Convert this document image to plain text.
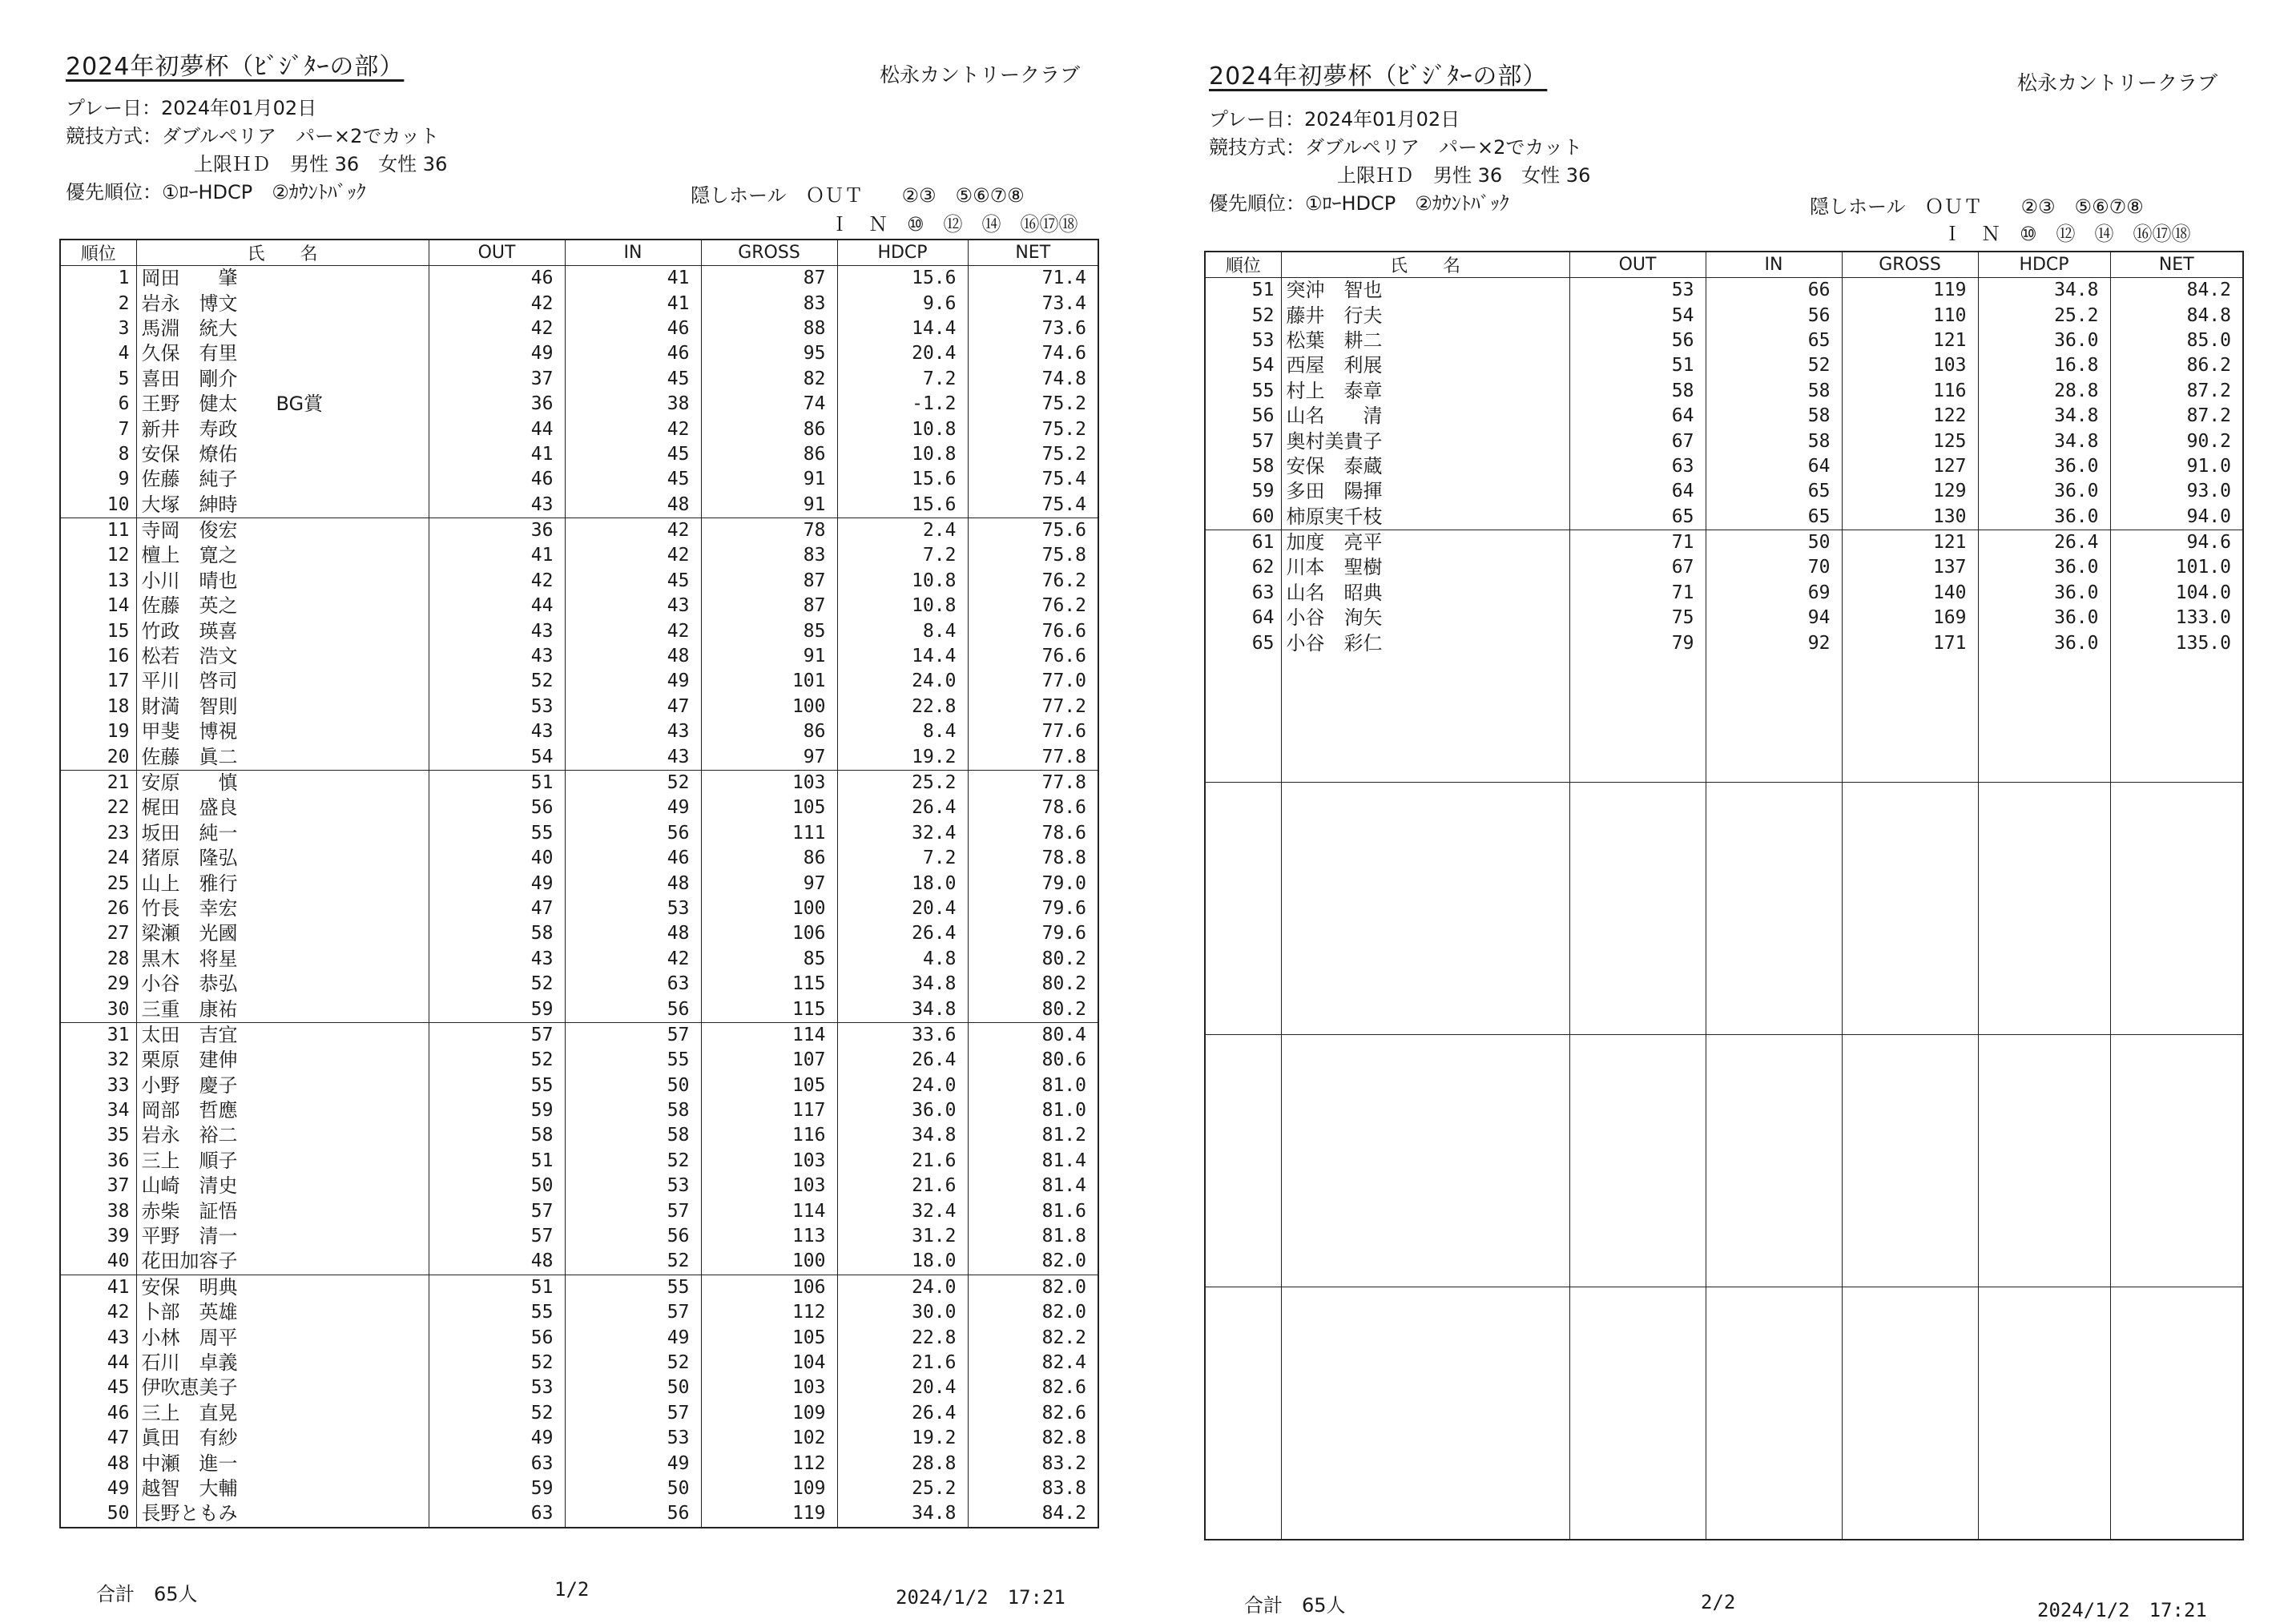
2024年初夢杯（ﾋﾞｼﾞﾀｰの部）	松永カントリークラブ
プレー日：2024年01月02日
競技方式：ダブルペリア　パー×2でカット
上限ＨＤ　男性 36　女性 36
優先順位：①ﾛｰHDCP　②ｶｳﾝﾄﾊﾞｯｸ	隠しホール　ＯＵＴ　　②③　⑤⑥⑦⑧
Ｉ　Ｎ　⑩　⑫　⑭　⑯⑰⑱
順位	氏　　名	OUT	IN	GROSS	HDCP	NET
1	岡田　　肇	46	41	87	15.6	71.4
2	岩永　博文	42	41	83	9.6	73.4
3	馬淵　統大	42	46	88	14.4	73.6
4	久保　有里	49	46	95	20.4	74.6
5	喜田　剛介	37	45	82	7.2	74.8
6	王野　健太　　BG賞	36	38	74	-1.2	75.2
7	新井　寿政	44	42	86	10.8	75.2
8	安保　燎佑	41	45	86	10.8	75.2
9	佐藤　純子	46	45	91	15.6	75.4
10	大塚　紳時	43	48	91	15.6	75.4
11	寺岡　俊宏	36	42	78	2.4	75.6
12	檀上　寛之	41	42	83	7.2	75.8
13	小川　晴也	42	45	87	10.8	76.2
14	佐藤　英之	44	43	87	10.8	76.2
15	竹政　瑛喜	43	42	85	8.4	76.6
16	松若　浩文	43	48	91	14.4	76.6
17	平川　啓司	52	49	101	24.0	77.0
18	財満　智則	53	47	100	22.8	77.2
19	甲斐　博視	43	43	86	8.4	77.6
20	佐藤　眞二	54	43	97	19.2	77.8
21	安原　　慎	51	52	103	25.2	77.8
22	梶田　盛良	56	49	105	26.4	78.6
23	坂田　純一	55	56	111	32.4	78.6
24	猪原　隆弘	40	46	86	7.2	78.8
25	山上　雅行	49	48	97	18.0	79.0
26	竹長　幸宏	47	53	100	20.4	79.6
27	梁瀬　光國	58	48	106	26.4	79.6
28	黒木　将星	43	42	85	4.8	80.2
29	小谷　恭弘	52	63	115	34.8	80.2
30	三重　康祐	59	56	115	34.8	80.2
31	太田　吉宜	57	57	114	33.6	80.4
32	栗原　建伸	52	55	107	26.4	80.6
33	小野　慶子	55	50	105	24.0	81.0
34	岡部　哲應	59	58	117	36.0	81.0
35	岩永　裕二	58	58	116	34.8	81.2
36	三上　順子	51	52	103	21.6	81.4
37	山崎　清史	50	53	103	21.6	81.4
38	赤柴　証悟	57	57	114	32.4	81.6
39	平野　清一	57	56	113	31.2	81.8
40	花田加容子	48	52	100	18.0	82.0
41	安保　明典	51	55	106	24.0	82.0
42	卜部　英雄	55	57	112	30.0	82.0
43	小林　周平	56	49	105	22.8	82.2
44	石川　卓義	52	52	104	21.6	82.4
45	伊吹恵美子	53	50	103	20.4	82.6
46	三上　直晃	52	57	109	26.4	82.6
47	眞田　有紗	49	53	102	19.2	82.8
48	中瀬　進一	63	49	112	28.8	83.2
49	越智　大輔	59	50	109	25.2	83.8
50	長野ともみ	63	56	119	34.8	84.2
合計　65人	1/2	2024/1/2　17:21
2024年初夢杯（ﾋﾞｼﾞﾀｰの部）	松永カントリークラブ
プレー日：2024年01月02日
競技方式：ダブルペリア　パー×2でカット
上限ＨＤ　男性 36　女性 36
優先順位：①ﾛｰHDCP　②ｶｳﾝﾄﾊﾞｯｸ	隠しホール　ＯＵＴ　　②③　⑤⑥⑦⑧
Ｉ　Ｎ　⑩　⑫　⑭　⑯⑰⑱
順位	氏　　名	OUT	IN	GROSS	HDCP	NET
51	突沖　智也	53	66	119	34.8	84.2
52	藤井　行夫	54	56	110	25.2	84.8
53	松葉　耕二	56	65	121	36.0	85.0
54	西屋　利展	51	52	103	16.8	86.2
55	村上　泰章	58	58	116	28.8	87.2
56	山名　　清	64	58	122	34.8	87.2
57	奥村美貴子	67	58	125	34.8	90.2
58	安保　泰蔵	63	64	127	36.0	91.0
59	多田　陽揮	64	65	129	36.0	93.0
60	柿原実千枝	65	65	130	36.0	94.0
61	加度　亮平	71	50	121	26.4	94.6
62	川本　聖樹	67	70	137	36.0	101.0
63	山名　昭典	71	69	140	36.0	104.0
64	小谷　洵矢	75	94	169	36.0	133.0
65	小谷　彩仁	79	92	171	36.0	135.0

合計　65人	2/2	2024/1/2　17:21
